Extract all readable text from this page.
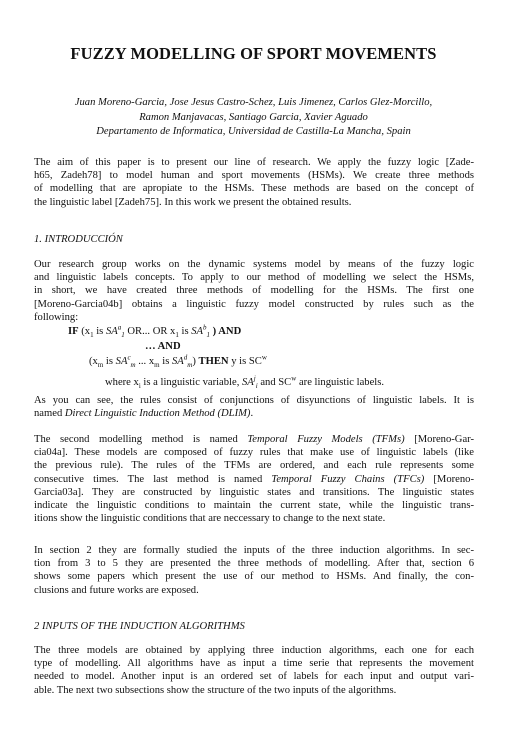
FUZZY MODELLING OF SPORT MOVEMENTS
Juan Moreno-Garcia, Jose Jesus Castro-Schez, Luis Jimenez, Carlos Glez-Morcillo,
Ramon Manjavacas, Santiago Garcia, Xavier Aguado
Departamento de Informatica, Universidad de Castilla-La Mancha, Spain
The aim of this paper is to present our line of research. We apply the fuzzy logic [Zade-
h65, Zadeh78] to model human and sport movements (HSMs). We create three methods
of modelling that are apropiate to the HSMs. These methods are based on the concept of
the linguistic label [Zadeh75]. In this work we present the obtained results.
1. INTRODUCCIÓN
Our research group works on the dynamic systems model by means of the fuzzy logic
and linguistic labels concepts. To apply to our method of modelling we select the HSMs,
in short, we have created three methods of modelling for the HSMs. The first one
[Moreno-Garcia04b] obtains a linguistic fuzzy model constructed by rules such as the
following:
IF ($x_1$ is $SA^a_1$ OR... OR $x_1$ is $SA^b_1$ ) AND
… AND
($x_m$ is $SA^c_m$ ... $x_m$ is $SA^d_m$) THEN y is $SC^w$
where $x_i$ is a linguistic variable, $SA^j_i$ and $SC^w$ are linguistic labels.
As you can see, the rules consist of conjunctions of disyunctions of linguistic labels. It is
named Direct Linguistic Induction Method (DLIM).
The second modelling method is named Temporal Fuzzy Models (TFMs) [Moreno-Gar-
cia04a]. These models are composed of fuzzy rules that make use of linguistic labels (like
the previous rule). The rules of the TFMs are ordered, and each rule represents some
consecutive times. The last method is named Temporal Fuzzy Chains (TFCs) [Moreno-
Garcia03a]. They are constructed by linguistic states and transitions. The linguistic states
indicate the linguistic conditions to maintain the current state, while the linguistic trans-
itions show the linguistic conditions that are neccessary to change to the next state.
In section 2 they are formally studied the inputs of the three induction algorithms. In sec-
tion from 3 to 5 they are presented the three methods of modelling. After that, section 6
shows some papers which present the use of our method to HSMs. And finally, the con-
clusions and future works are exposed.
2 INPUTS OF THE INDUCTION ALGORITHMS
The three models are obtained by applying three induction algorithms, each one for each
type of modelling. All algorithms have as input a time serie that represents the movement
needed to model. Another input is an ordered set of labels for each input and output vari-
able. The next two subsections show the structure of the two inputs of the algorithms.
